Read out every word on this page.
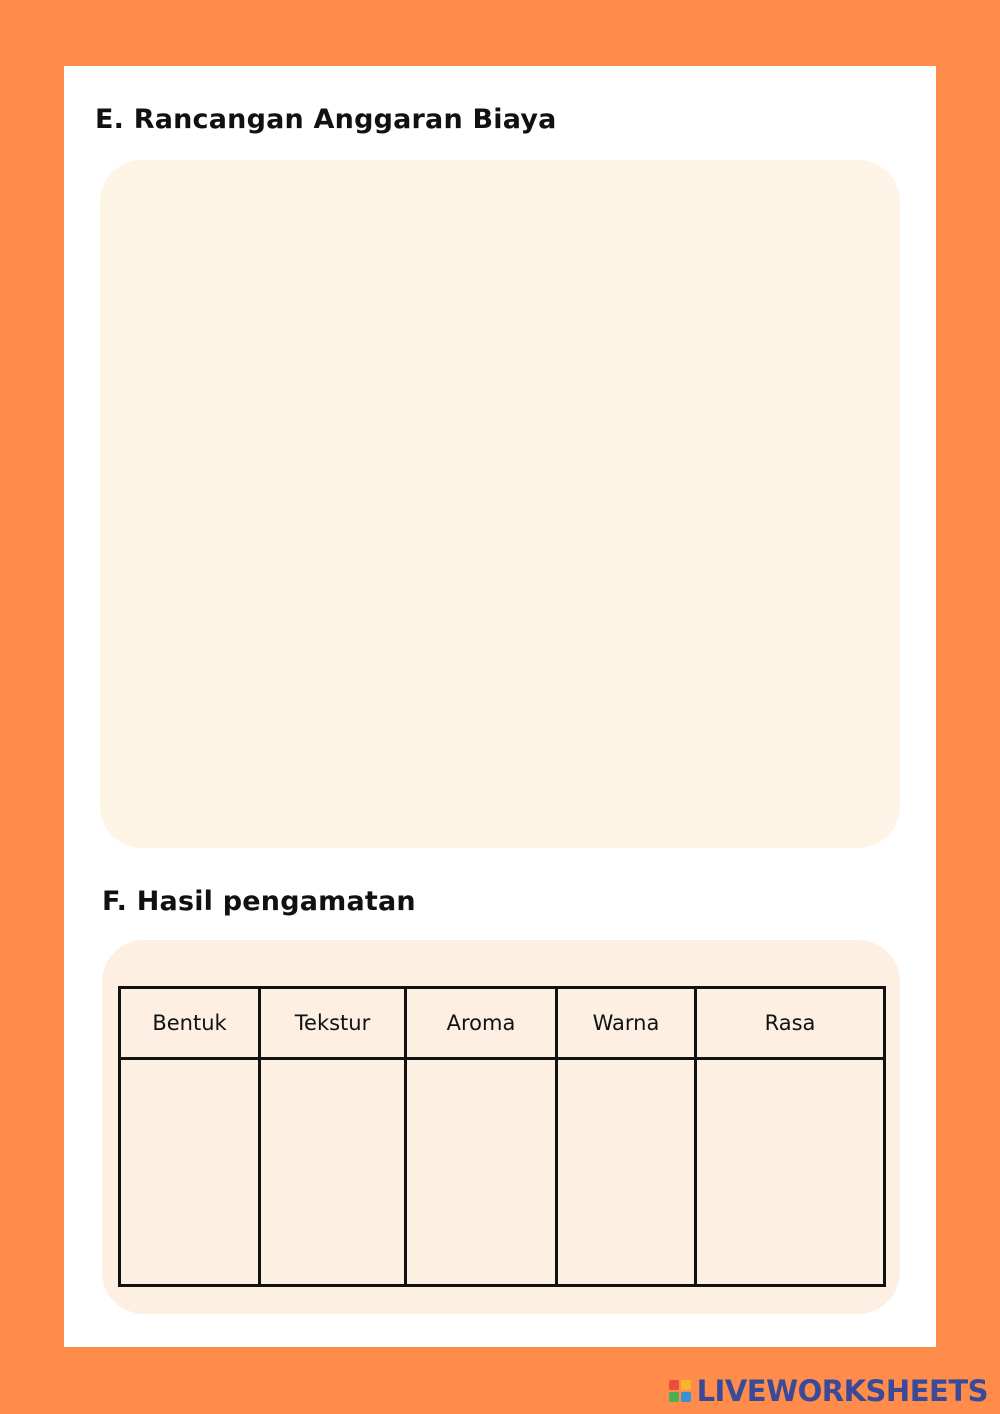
E. Rancangan Anggaran Biaya
F. Hasil pengamatan
Bentuk	Tekstur	Aroma	Warna	Rasa

LIVEWORKSHEETS
